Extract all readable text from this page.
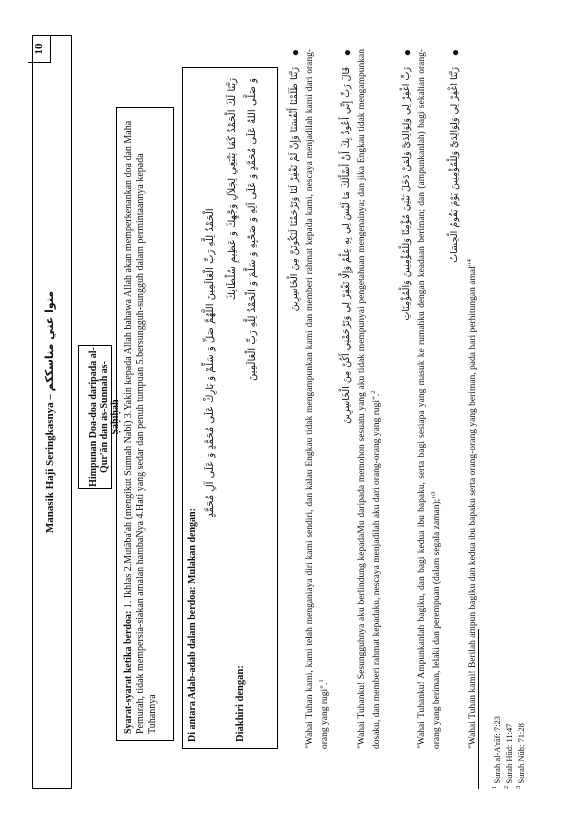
10
Manasik Haji Seringkasnya – منوا عني مناسككم
Himpunan Doa-doa daripada al-Qur'ān dan as-Sunnah as-Ṣaḥīḥah
Syarat-syarat ketika berdoa: 1. Ikhlas 2.Mutāba'ah (mengikut Sunnah Nabi) 3.Yakin kepada Allah bahawa Allah akan memperkenankan doa dan Maha Pemurah, tidak mempersia-siakan amalan hambaNya 4.Hati yang sedar dan penuh tumpuan 5.bersungguh-sungguh dalam permintaannya kepada Tuhannya	Di antara Adab-adab dalam berdoa: Mulakan dengan:
الْحَمْدُ لِلَّهِ رَبِّ الْعَالَمِينَ اللَّهُمَّ صَلِّ وَ سَلِّمْ وَ بَارِكْ عَلَى مُحَمَّدٍ وَ عَلَى آلِ مُحَمَّدٍ
رَبَّنَا لَكَ الْحَمْدُ كَمَا يَنْبَغِي لِجَلاَلِ وَجْهِكَ وَ عَظِيمِ سُلْطَانِكَ
Diakhiri dengan:
وَ صَلَّى اللهُ عَلَى مُحَمَّدٍ وَ عَلَى آلِهِ وَ صَحْبِهِ وَ سَلَّمَ وَ الْحَمْدُ لِلَّهِ رَبِّ الْعَالَمِينَ
●
رَبَّنَا ظَلَمْنَا أَنْفُسَنَا وَإِنْ لَمْ تَغْفِرْ لَنَا وَتَرْحَمْنَا لَنَكُونَنَّ مِنَ الْخَاسِرِينَ "Wahai Tuhan kami, kami telah menganiaya diri kami sendiri, dan kalau Engkau tidak mengampunkan kami dan memberi rahmat kepada kami, nescaya menjadilah kami dari orang-orang yang rugi".$^1$
●
قَالَ رَبِّ إِنِّي أَعُوذُ بِكَ أَنْ أَسْأَلَكَ مَا لَيْسَ لِي بِهِ عِلْمٌ وَإِلَّا تَغْفِرْ لِي وَتَرْحَمْنِي أَكُنْ مِنَ الْخَاسِرِينَ "Wahai Tuhanku! Sesungguhnya aku berlindung kepadaMu daripada memohon sesuatu yang aku tidak mempunyai pengetahuan mengenainya; dan jika Engkau tidak mengampunkan dosaku, dan memberi rahmat kepadaku, nescaya menjadilah aku dari orang-orang yang rugi".$^2$
●
رَبِّ اغْفِرْ لِي وَلِوَالِدَيَّ وَلِمَنْ دَخَلَ بَيْتِيَ مُؤْمِنًا وَلِلْمُؤْمِنِينَ وَالْمُؤْمِنَاتِ "Wahai Tuhanku! Ampunkanlah bagiku, dan bagi kedua ibu bapaku, serta bagi sesiapa yang masuk ke rumahku dengan keadaan beriman; dan (ampunkanlah) bagi sekalian orang-orang yang beriman, lelaki dan perempuan (dalam segala zaman);"$^3$
●
رَبَّنَا اغْفِرْ لِي وَلِوَالِدَيَّ وَلِلْمُؤْمِنِينَ يَوْمَ يَقُومُ الْحِسَابُ
"Wahai Tuhan kami! Berilah ampun bagiku dan kedua ibu bapaku serta orang-orang yang beriman, pada hari perhitungan amal"$^4$
$^1$ Surah al-A'rāf: 7:23
$^2$ Surah Hūd: 11:47
$^3$ Surah Nūḥ: 71:28
